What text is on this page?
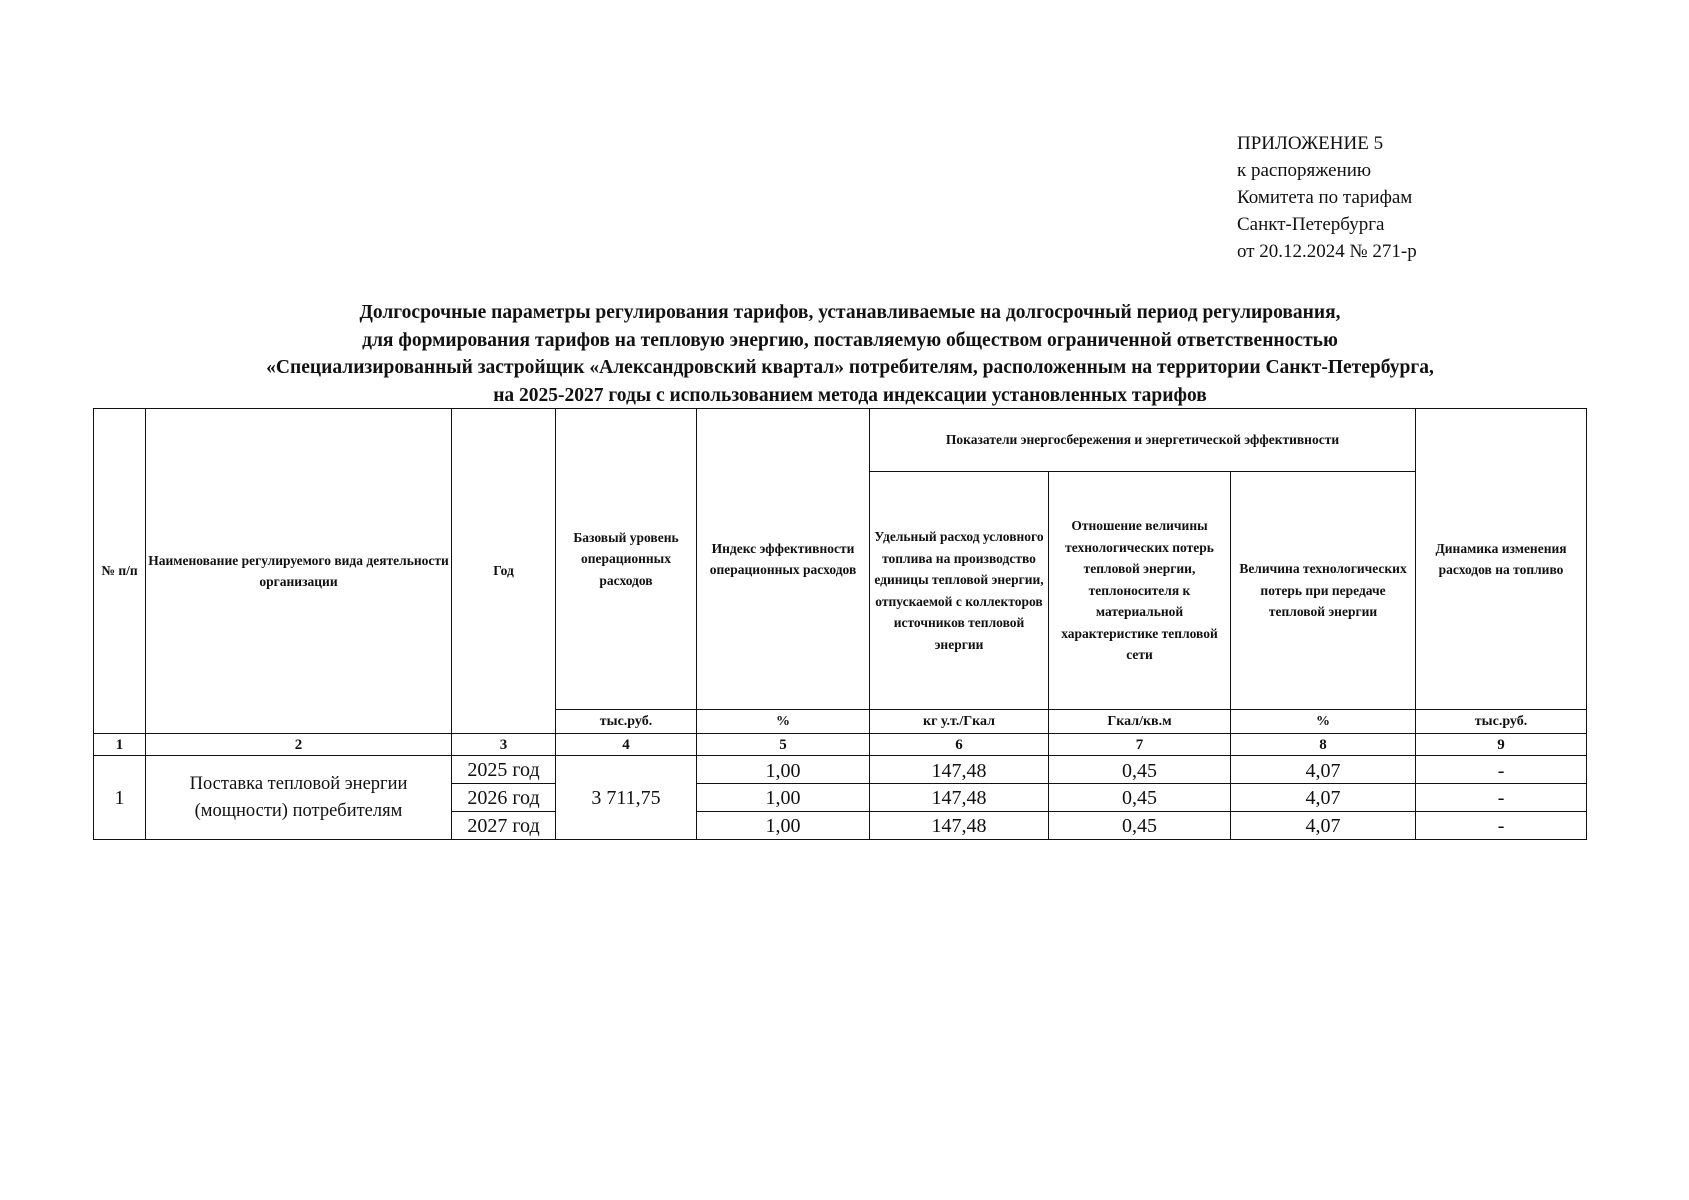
ПРИЛОЖЕНИЕ 5
к распоряжению
Комитета по тарифам
Санкт-Петербурга
от 20.12.2024 № 271-р
Долгосрочные параметры регулирования тарифов, устанавливаемые на долгосрочный период регулирования,
для формирования тарифов на тепловую энергию, поставляемую обществом ограниченной ответственностью
«Специализированный застройщик «Александровский квартал» потребителям, расположенным на территории Санкт-Петербурга,
на 2025-2027 годы с использованием метода индексации установленных тарифов
№ п/п	Наименование регулируемого вида деятельности организации	Год	Базовый уровень операционных расходов	Индекс эффективности операционных расходов	Показатели энергосбережения и энергетической эффективности			Динамика изменения расходов на топливо
					Удельный расход условного топлива на производство единицы тепловой энергии, отпускаемой с коллекторов источников тепловой энергии	Отношение величины технологических потерь тепловой энергии, теплоносителя к материальной характеристике тепловой сети	Величина технологических потерь при передаче тепловой энергии	
			тыс.руб.	%	кг у.т./Гкал	Гкал/кв.м	%	тыс.руб.
1	2	3	4	5	6	7	8	9
1	Поставка тепловой энергии (мощности) потребителям	2025 год	3 711,75	1,00	147,48	0,45	4,07	-
		2026 год		1,00	147,48	0,45	4,07	-
		2027 год		1,00	147,48	0,45	4,07	-
